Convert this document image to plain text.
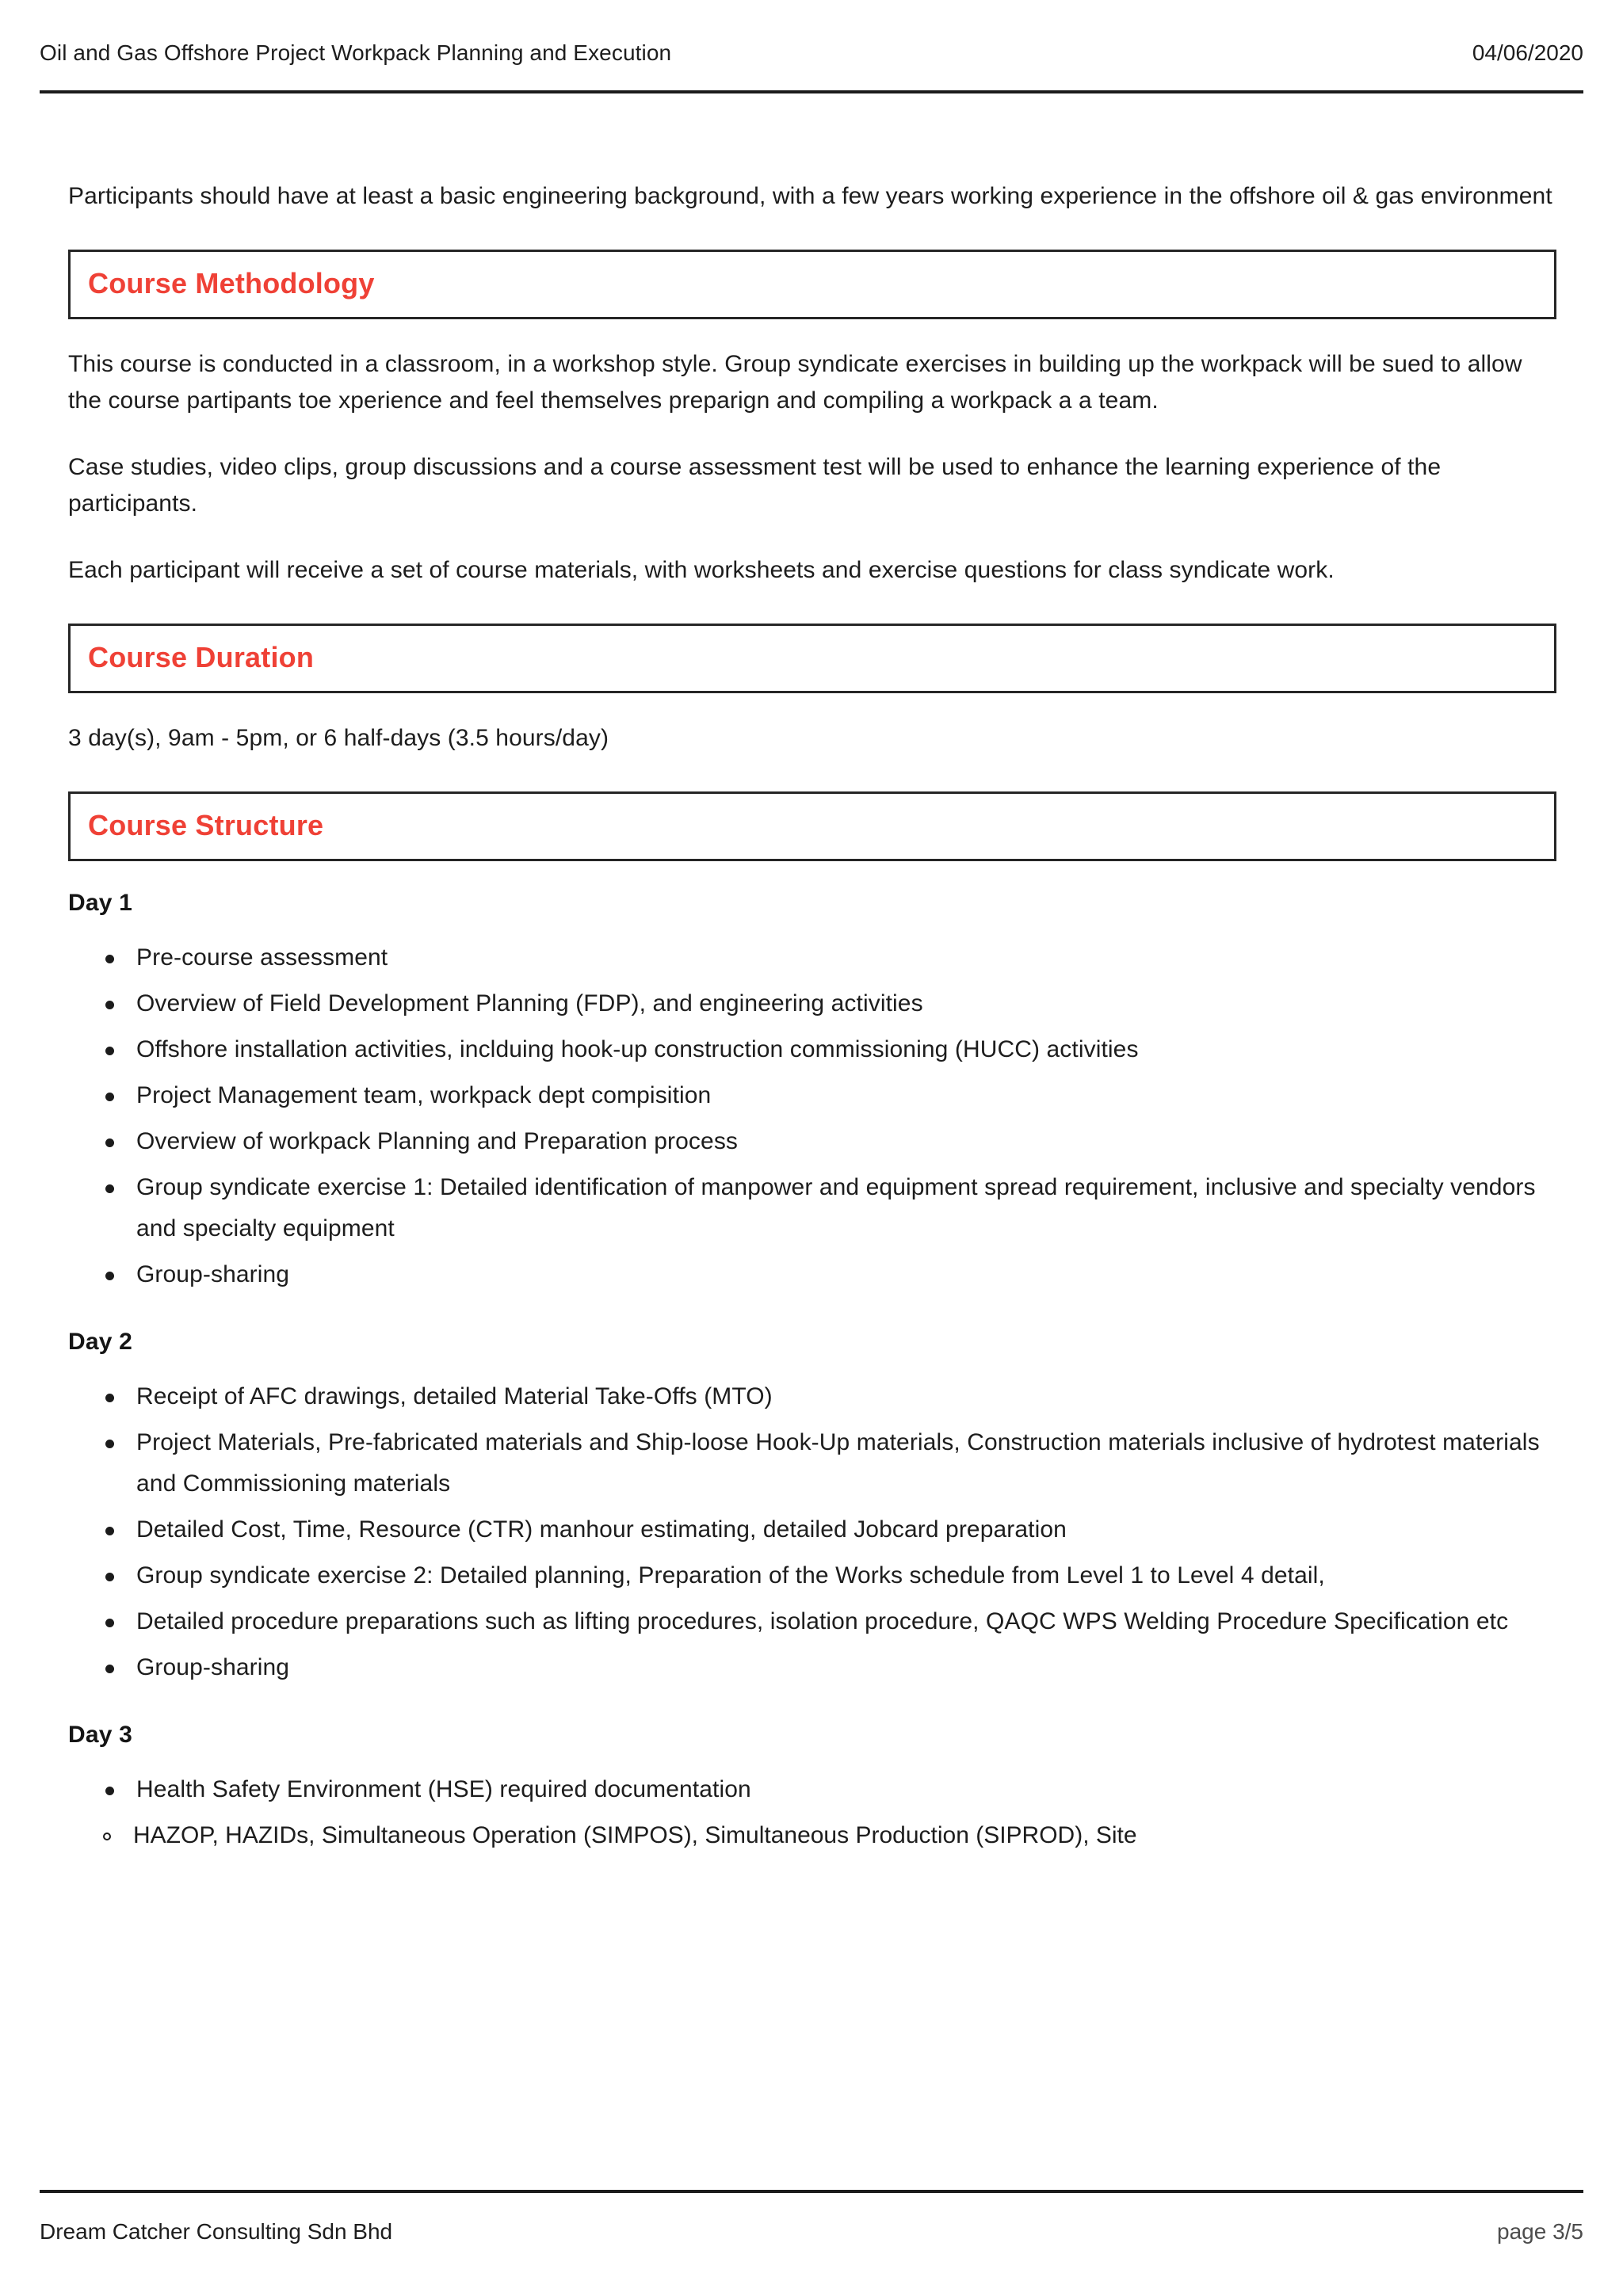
Oil and Gas Offshore Project Workpack Planning and Execution	04/06/2020

Participants should have at least a basic engineering background, with a few years working experience in the offshore oil & gas environment

Course Methodology

This course is conducted in a classroom, in a workshop style. Group syndicate exercises in building up the workpack will be sued to allow the course partipants toe xperience and feel themselves preparign and compiling a workpack a a team.

Case studies, video clips, group discussions and a course assessment test will be used to enhance the learning experience of the participants.

Each participant will receive a set of course materials, with worksheets and exercise questions for class syndicate work.

Course Duration

3 day(s), 9am - 5pm, or 6 half-days (3.5 hours/day)

Course Structure
Day 1
Pre-course assessment
Overview of Field Development Planning (FDP), and engineering activities
Offshore installation activities, inclduing hook-up construction commissioning (HUCC) activities
Project Management team, workpack dept compisition
Overview of workpack Planning and Preparation process
Group syndicate exercise 1: Detailed identification of manpower and equipment spread requirement, inclusive and specialty vendors and specialty equipment
Group-sharing
Day 2
Receipt of AFC drawings, detailed Material Take-Offs (MTO)
Project Materials, Pre-fabricated materials and Ship-loose Hook-Up materials, Construction materials inclusive of hydrotest materials and Commissioning materials
Detailed Cost, Time, Resource (CTR) manhour estimating, detailed Jobcard preparation
Group syndicate exercise 2: Detailed planning, Preparation of the Works schedule from Level 1 to Level 4 detail,
Detailed procedure preparations such as lifting procedures, isolation procedure, QAQC WPS Welding Procedure Specification etc
Group-sharing
Day 3
Health Safety Environment (HSE) required documentation
HAZOP, HAZIDs, Simultaneous Operation (SIMPOS), Simultaneous Production (SIPROD), Site
Dream Catcher Consulting Sdn Bhd	page 3/5
